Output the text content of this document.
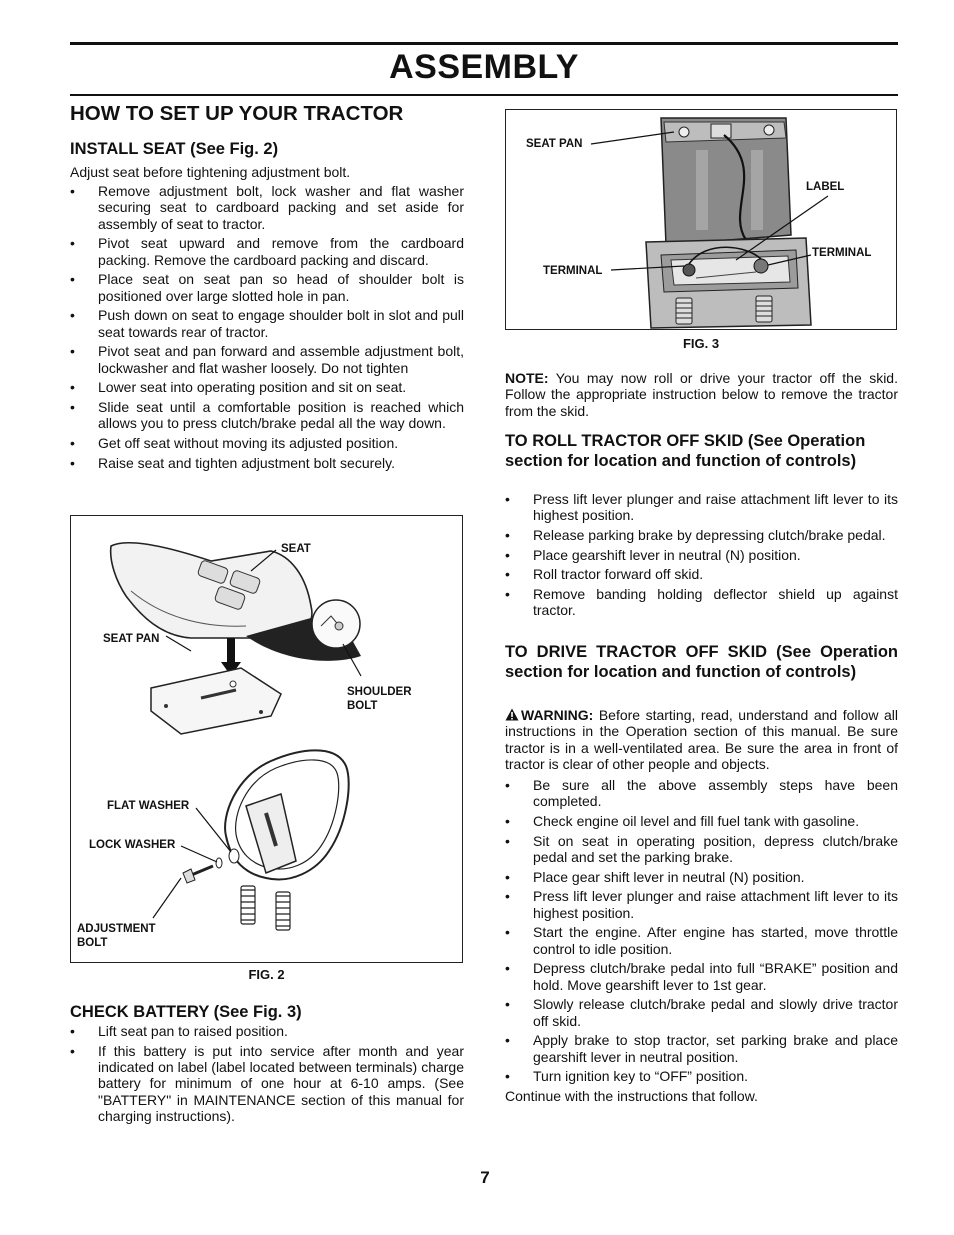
ASSEMBLY
HOW TO SET UP YOUR TRACTOR
INSTALL SEAT (See Fig. 2)

Adjust seat before tightening adjustment bolt.

• Remove adjustment bolt, lock washer and flat washer securing seat to cardboard packing and set aside for assembly of seat to tractor.
• Pivot seat upward and remove from the cardboard packing. Remove the cardboard packing and discard.
• Place seat on seat pan so head of shoulder bolt is positioned over large slotted hole in pan.
• Push down on seat to engage shoulder bolt in slot and pull seat towards rear of tractor.
• Pivot seat and pan forward and assemble adjustment bolt, lockwasher and flat washer loosely. Do not tighten
• Lower seat into operating position and sit on seat.
• Slide seat until a comfortable position is reached which allows you to press clutch/brake pedal all the way down.
• Get off seat without moving its adjusted position.
• Raise seat and tighten adjustment bolt securely.
SEAT
SEAT PAN
SHOULDER
BOLT
FLAT WASHER
LOCK WASHER
ADJUSTMENT
BOLT
FIG. 2
CHECK BATTERY (See Fig. 3)
• Lift seat pan to raised position.
• If this battery is put into service after month and year indicated on label (label located between terminals) charge battery for minimum of one hour at 6-10 amps. (See "BATTERY" in MAINTENANCE section of this manual for charging instructions).
SEAT PAN
LABEL
TERMINAL
TERMINAL
FIG. 3

NOTE: You may now roll or drive your tractor off the skid. Follow the appropriate instruction below to remove the tractor from the skid.

TO ROLL TRACTOR OFF SKID (See Operation section for location and function of controls)
• Press lift lever plunger and raise attachment lift lever to its highest position.
• Release parking brake by depressing clutch/brake pedal.
• Place gearshift lever in neutral (N) position.
• Roll tractor forward off skid.
• Remove banding holding deflector shield up against tractor.
TO DRIVE TRACTOR OFF SKID (See Operation section for location and function of controls)

WARNING: Before starting, read, understand and follow all instructions in the Operation section of this manual. Be sure tractor is in a well-ventilated area. Be sure the area in front of tractor is clear of other people and objects.

• Be sure all the above assembly steps have been completed.
• Check engine oil level and fill fuel tank with gasoline.
• Sit on seat in operating position, depress clutch/brake pedal and set the parking brake.
• Place gear shift lever in neutral (N) position.
• Press lift lever plunger and raise attachment lift lever to its highest position.
• Start the engine. After engine has started, move throttle control to idle position.
• Depress clutch/brake pedal into full “BRAKE” position and hold. Move gearshift lever to 1st gear.
• Slowly release clutch/brake pedal and slowly drive tractor off skid.
• Apply brake to stop tractor, set parking brake and place gearshift lever in neutral position.
• Turn ignition key to “OFF” position.

Continue with the instructions that follow.

7
